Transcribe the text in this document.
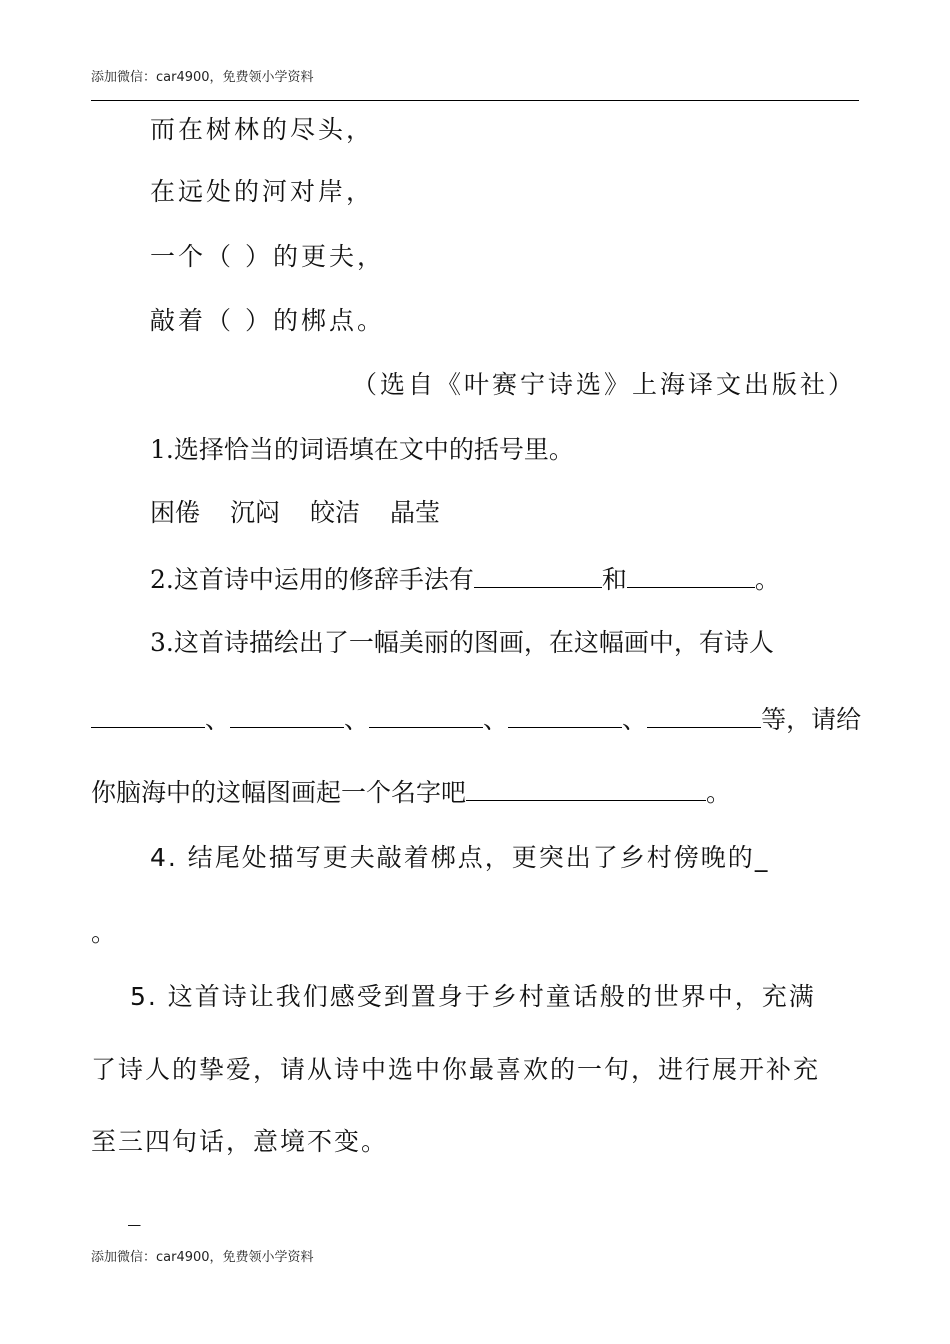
添加微信：car4900，免费领小学资料
而在树林的尽头，
在远处的河对岸，
一个（ ）的更夫，
敲着（ ）的梆点。
（选自《叶赛宁诗选》上海译文出版社）
1.选择恰当的词语填在文中的括号里。
困倦 沉闷 皎洁 晶莹
2.这首诗中运用的修辞手法有	和	。
3.这首诗描绘出了一幅美丽的图画，在这幅画中，有诗人
、	、	、	、	等，请给
你脑海中的这幅图画起一个名字吧	。
4. 结尾处描写更夫敲着梆点，更突出了乡村傍晚的_
。
5. 这首诗让我们感受到置身于乡村童话般的世界中，充满
了诗人的挚爱，请从诗中选中你最喜欢的一句，进行展开补充
至三四句话，意境不变。
_
添加微信：car4900，免费领小学资料
